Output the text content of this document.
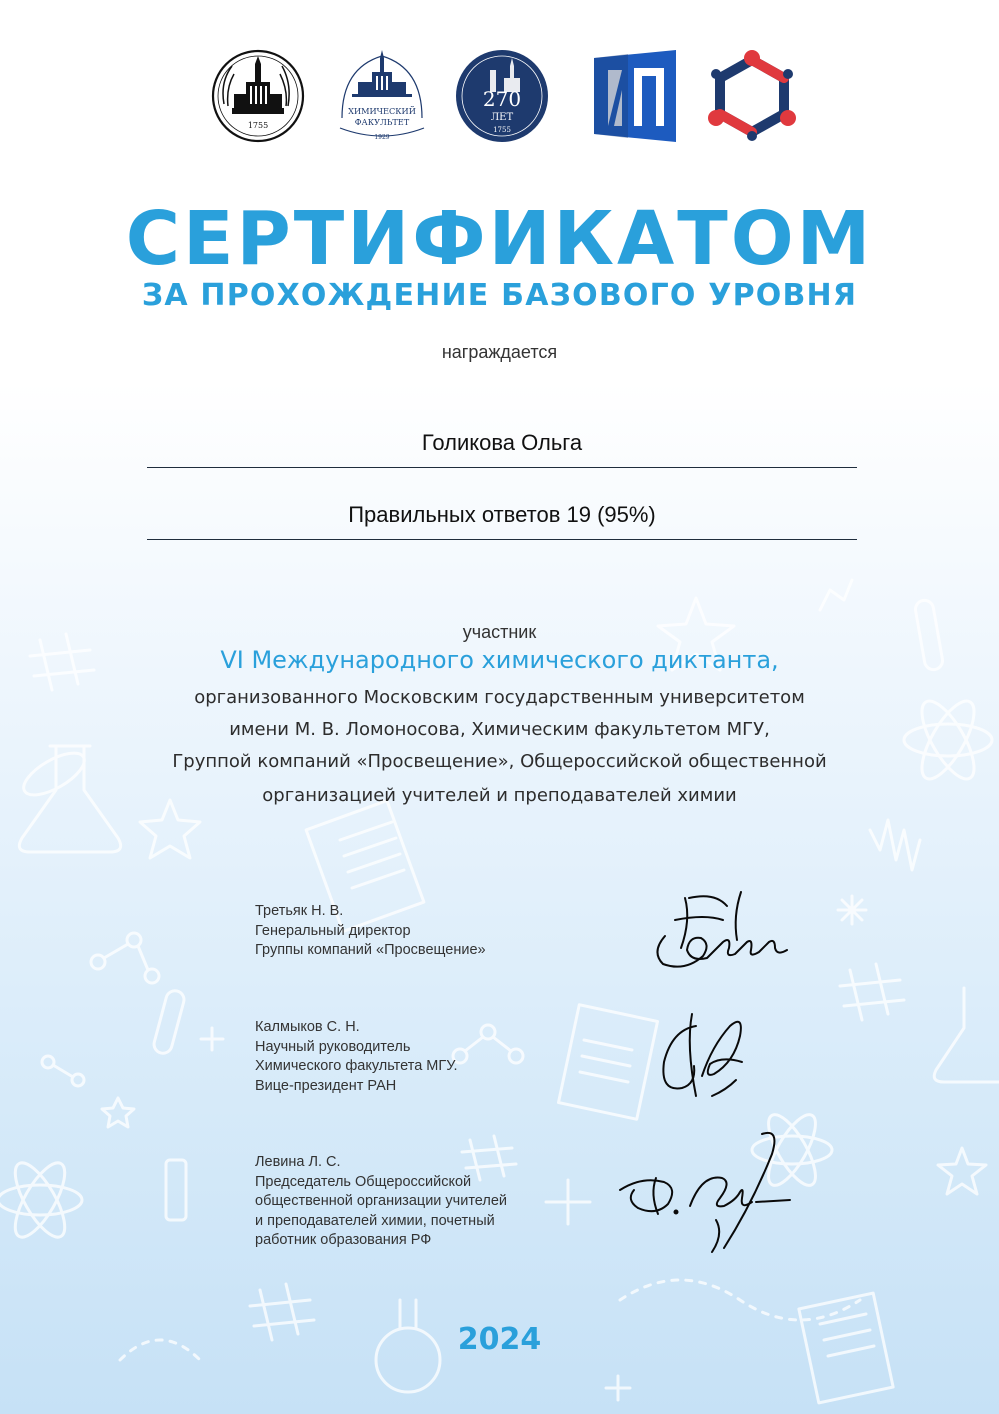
1755
ХИМИЧЕСКИЙ
ФАКУЛЬТЕТ
1929
270
ЛЕТ
1755
СЕРТИФИКАТОМ
ЗА ПРОХОЖДЕНИЕ БАЗОВОГО УРОВНЯ
награждается
Голикова Ольга
Правильных ответов 19 (95%)
участник
VI Международного химического диктанта,
организованного Московским государственным университетом
имени М. В. Ломоносова, Химическим факультетом МГУ,
Группой компаний «Просвещение», Общероссийской общественной
организацией учителей и преподавателей химии
Третьяк Н. В.
Генеральный директор
Группы компаний «Просвещение»
Калмыков С. Н.
Научный руководитель
Химического факультета МГУ.
Вице-президент РАН
Левина Л. С.
Председатель Общероссийской
общественной организации учителей
и преподавателей химии, почетный
работник образования РФ
2024
